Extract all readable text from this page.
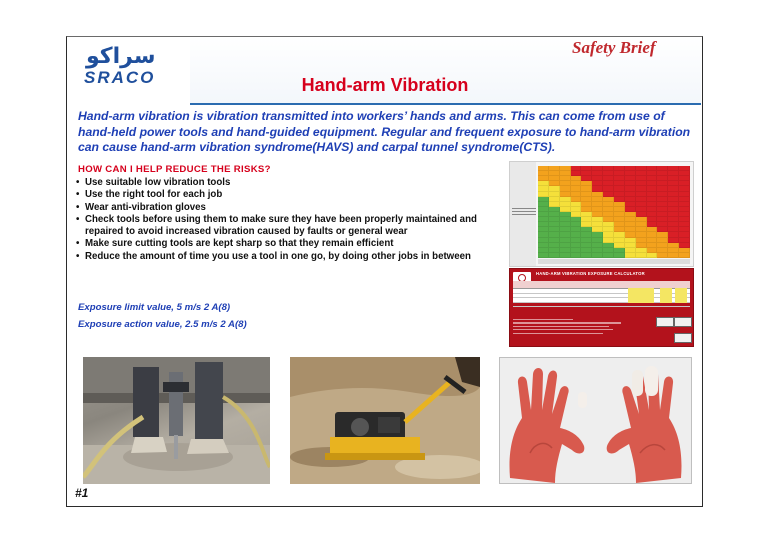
سراكو
SRACO
Safety Brief
Hand-arm Vibration

Hand-arm vibration is vibration transmitted into workers’ hands and arms. This can come from use of hand-held power tools and hand-guided equipment. Regular and frequent exposure to hand-arm vibration can cause hand-arm vibration syndrome(HAVS) and carpal tunnel syndrome(CTS).

HOW CAN I HELP REDUCE THE RISKS?
• Use suitable low vibration tools
• Use the right tool for each job
• Wear anti-vibration gloves
• Check tools before using them to make sure they have been properly maintained and repaired to avoid increased vibration caused by faults or general wear
• Make sure cutting tools are kept sharp so that they remain efficient
• Reduce the amount of time you use a tool in one go, by doing other jobs in between
Exposure limit value, 5 m/s 2 A(8)
Exposure action value, 2.5 m/s 2 A(8)
HAND-ARM VIBRATION EXPOSURE CALCULATOR
#1
